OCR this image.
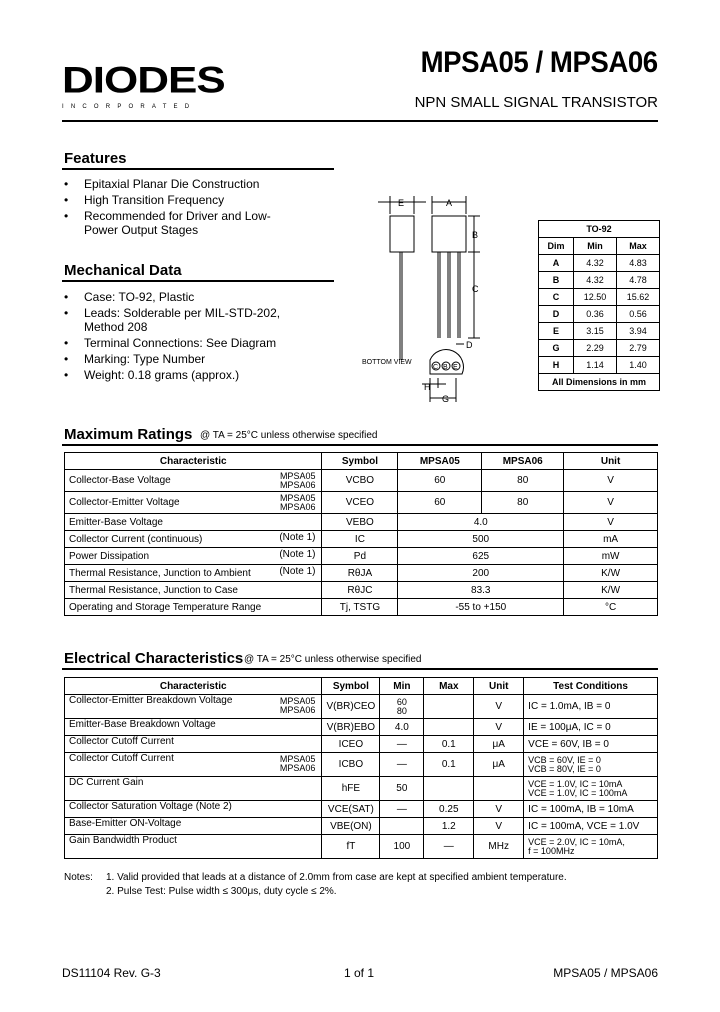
DIODES
INCORPORATED
MPSA05 / MPSA06
NPN SMALL SIGNAL TRANSISTOR
Features
• Epitaxial Planar Die Construction
• High Transition Frequency
• Recommended for Driver and Low-Power Output Stages
Mechanical Data
• Case: TO-92, Plastic
• Leads: Solderable per MIL-STD-202, Method 208
• Terminal Connections: See Diagram
• Marking: Type Number
• Weight: 0.18 grams (approx.)
E	A
B
C
D
H
G
BOTTOM VIEW
C B E
TO-92		
Dim	Min	Max
A	4.32	4.83
B	4.32	4.78
C	12.50	15.62
D	0.36	0.56
E	3.15	3.94
G	2.29	2.79
H	1.14	1.40
All Dimensions in mm		
Maximum Ratings @ TA = 25°C unless otherwise specified
Characteristic	Symbol	MPSA05	MPSA06	Unit
Collector-Base Voltage MPSA05
MPSA06	VCBO	60	80	V
Collector-Emitter Voltage MPSA05
MPSA06	VCEO	60	80	V
Emitter-Base Voltage	VEBO	4.0		V
Collector Current (continuous) (Note 1)	IC	500		mA
Power Dissipation (Note 1)	Pd	625		mW
Thermal Resistance, Junction to Ambient (Note 1)	RθJA	200		K/W
Thermal Resistance, Junction to Case	RθJC	83.3		K/W
Operating and Storage Temperature Range	Tj, TSTG	-55 to +150		°C
Electrical Characteristics @ TA = 25°C unless otherwise specified
Characteristic	Symbol	Min	Max	Unit	Test Conditions
Collector-Emitter Breakdown Voltage MPSA05
MPSA06	V(BR)CEO	60
80		V	IC = 1.0mA, IB = 0
Emitter-Base Breakdown Voltage	V(BR)EBO	4.0		V	IE = 100μA, IC = 0
Collector Cutoff Current	ICEO	—	0.1	μA	VCE = 60V, IB = 0
Collector Cutoff Current MPSA05
MPSA06	ICBO	—	0.1	μA	VCB = 60V, IE = 0
VCB = 80V, IE = 0
DC Current Gain	hFE	50			VCE = 1.0V, IC = 10mA
VCE = 1.0V, IC = 100mA
Collector Saturation Voltage (Note 2)	VCE(SAT)	—	0.25	V	IC = 100mA, IB = 10mA
Base-Emitter ON-Voltage	VBE(ON)		1.2	V	IC = 100mA, VCE = 1.0V
Gain Bandwidth Product	fT	100	—	MHz	VCE = 2.0V, IC = 10mA,
f = 100MHz
Notes: 1. Valid provided that leads at a distance of 2.0mm from case are kept at specified ambient temperature.
2. Pulse Test: Pulse width ≤ 300μs, duty cycle ≤ 2%.
DS11104 Rev. G-3	1 of 1	MPSA05 / MPSA06
